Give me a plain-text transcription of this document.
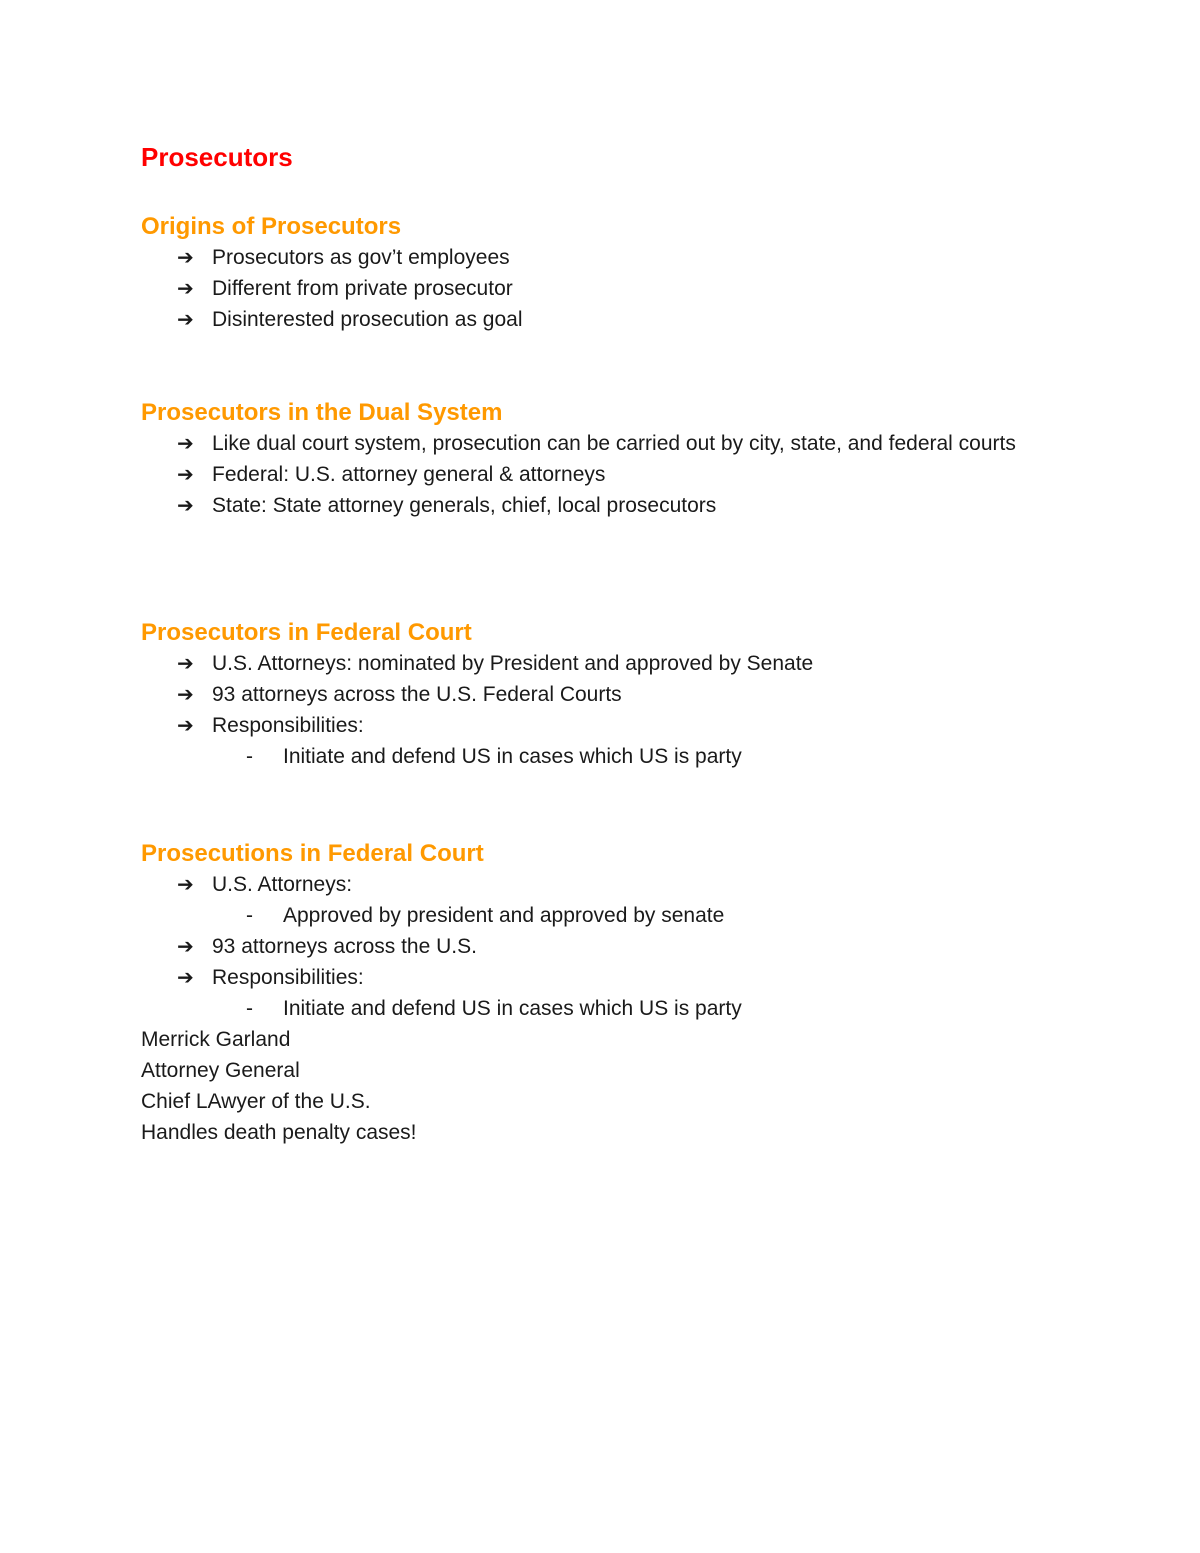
Prosecutors
Origins of Prosecutors
➔ Prosecutors as gov’t employees
➔ Different from private prosecutor
➔ Disinterested prosecution as goal
Prosecutors in the Dual System
➔ Like dual court system, prosecution can be carried out by city, state, and federal courts
➔ Federal: U.S. attorney general & attorneys
➔ State: State attorney generals, chief, local prosecutors
Prosecutors in Federal Court
➔ U.S. Attorneys: nominated by President and approved by Senate
➔ 93 attorneys across the U.S. Federal Courts
➔ Responsibilities:
- Initiate and defend US in cases which US is party
Prosecutions in Federal Court
➔ U.S. Attorneys:
- Approved by president and approved by senate
➔ 93 attorneys across the U.S.
➔ Responsibilities:
- Initiate and defend US in cases which US is party
Merrick Garland
Attorney General
Chief LAwyer of the U.S.
Handles death penalty cases!
